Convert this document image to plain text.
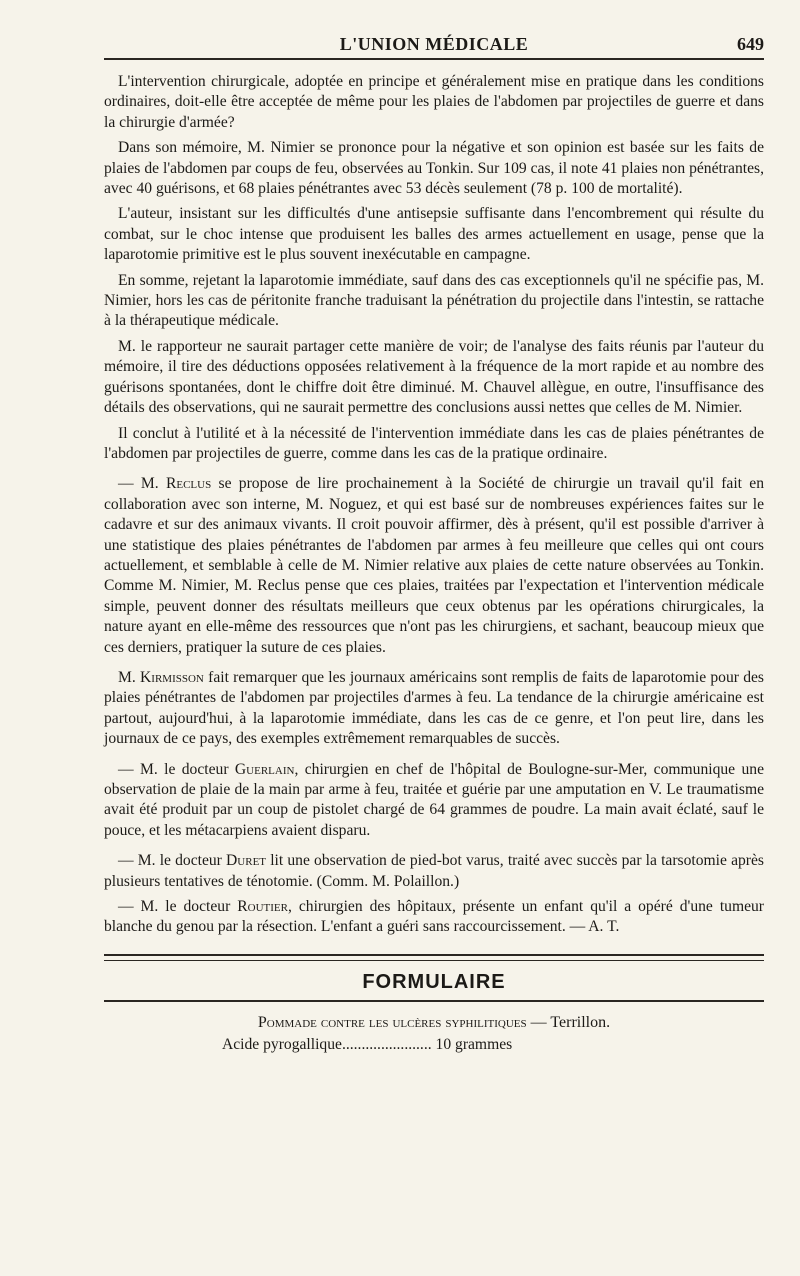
L'UNION MÉDICALE	649

L'intervention chirurgicale, adoptée en principe et généralement mise en pratique dans les conditions ordinaires, doit-elle être acceptée de même pour les plaies de l'abdomen par projectiles de guerre et dans la chirurgie d'armée?

Dans son mémoire, M. Nimier se prononce pour la négative et son opinion est basée sur les faits de plaies de l'abdomen par coups de feu, observées au Tonkin. Sur 109 cas, il note 41 plaies non pénétrantes, avec 40 guérisons, et 68 plaies pénétrantes avec 53 décès seulement (78 p. 100 de mortalité).

L'auteur, insistant sur les difficultés d'une antisepsie suffisante dans l'encombrement qui résulte du combat, sur le choc intense que produisent les balles des armes actuellement en usage, pense que la laparotomie primitive est le plus souvent inexécutable en campagne.

En somme, rejetant la laparotomie immédiate, sauf dans des cas exceptionnels qu'il ne spécifie pas, M. Nimier, hors les cas de péritonite franche traduisant la pénétration du projectile dans l'intestin, se rattache à la thérapeutique médicale.

M. le rapporteur ne saurait partager cette manière de voir; de l'analyse des faits réunis par l'auteur du mémoire, il tire des déductions opposées relativement à la fréquence de la mort rapide et au nombre des guérisons spontanées, dont le chiffre doit être diminué. M. Chauvel allègue, en outre, l'insuffisance des détails des observations, qui ne saurait permettre des conclusions aussi nettes que celles de M. Nimier.

Il conclut à l'utilité et à la nécessité de l'intervention immédiate dans les cas de plaies pénétrantes de l'abdomen par projectiles de guerre, comme dans les cas de la pratique ordinaire.

— M. Reclus se propose de lire prochainement à la Société de chirurgie un travail qu'il fait en collaboration avec son interne, M. Noguez, et qui est basé sur de nombreuses expériences faites sur le cadavre et sur des animaux vivants. Il croit pouvoir affirmer, dès à présent, qu'il est possible d'arriver à une statistique des plaies pénétrantes de l'abdomen par armes à feu meilleure que celles qui ont cours actuellement, et semblable à celle de M. Nimier relative aux plaies de cette nature observées au Tonkin. Comme M. Nimier, M. Reclus pense que ces plaies, traitées par l'expectation et l'intervention médicale simple, peuvent donner des résultats meilleurs que ceux obtenus par les opérations chirurgicales, la nature ayant en elle-même des ressources que n'ont pas les chirurgiens, et sachant, beaucoup mieux que ces derniers, pratiquer la suture de ces plaies.

M. Kirmisson fait remarquer que les journaux américains sont remplis de faits de laparotomie pour des plaies pénétrantes de l'abdomen par projectiles d'armes à feu. La tendance de la chirurgie américaine est partout, aujourd'hui, à la laparotomie immédiate, dans les cas de ce genre, et l'on peut lire, dans les journaux de ce pays, des exemples extrêmement remarquables de succès.

— M. le docteur Guerlain, chirurgien en chef de l'hôpital de Boulogne-sur-Mer, communique une observation de plaie de la main par arme à feu, traitée et guérie par une amputation en V. Le traumatisme avait été produit par un coup de pistolet chargé de 64 grammes de poudre. La main avait éclaté, sauf le pouce, et les métacarpiens avaient disparu.

— M. le docteur Duret lit une observation de pied-bot varus, traité avec succès par la tarsotomie après plusieurs tentatives de ténotomie. (Comm. M. Polaillon.)

— M. le docteur Routier, chirurgien des hôpitaux, présente un enfant qu'il a opéré d'une tumeur blanche du genou par la résection. L'enfant a guéri sans raccourcissement. — A. T.

FORMULAIRE
Pommade contre les ulcères syphilitiques — Terrillon.
Acide pyrogallique....................... 10 grammes
